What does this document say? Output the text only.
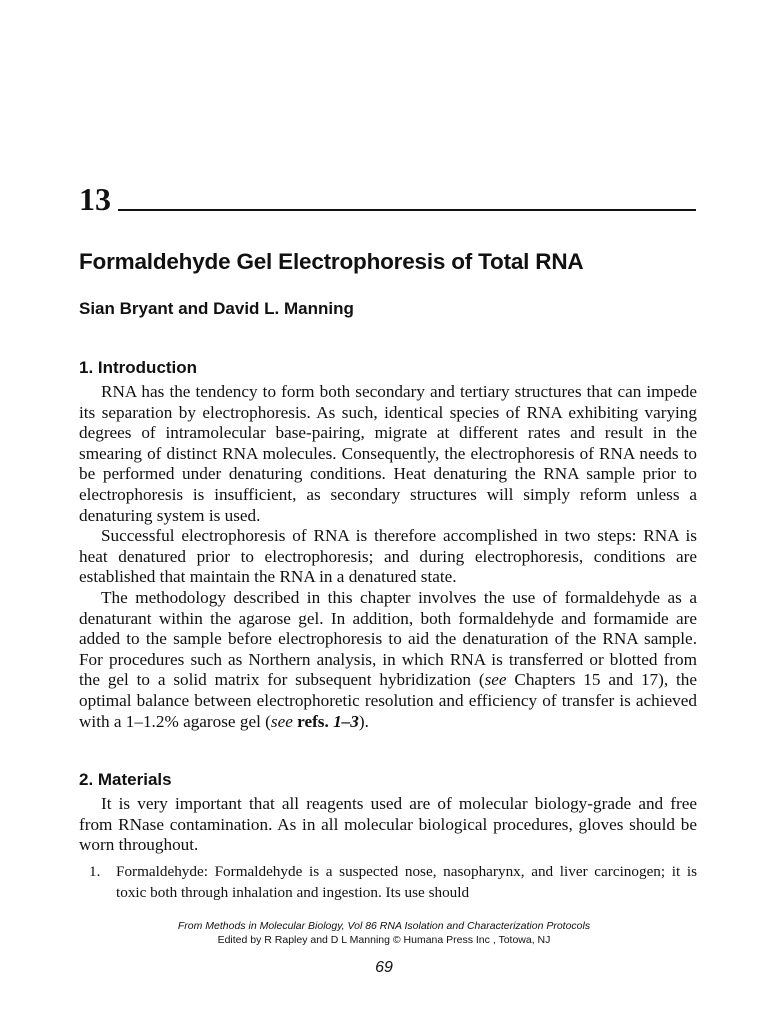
13
Formaldehyde Gel Electrophoresis of Total RNA
Sian Bryant and David L. Manning
1. Introduction

RNA has the tendency to form both secondary and tertiary structures that can impede its separation by electrophoresis. As such, identical species of RNA exhibiting varying degrees of intramolecular base-pairing, migrate at different rates and result in the smearing of distinct RNA molecules. Consequently, the electrophoresis of RNA needs to be performed under denaturing conditions. Heat denaturing the RNA sample prior to electrophoresis is insufficient, as secondary structures will simply reform unless a denaturing system is used.

Successful electrophoresis of RNA is therefore accomplished in two steps: RNA is heat denatured prior to electrophoresis; and during electrophoresis, conditions are established that maintain the RNA in a denatured state.

The methodology described in this chapter involves the use of formaldehyde as a denaturant within the agarose gel. In addition, both formaldehyde and formamide are added to the sample before electrophoresis to aid the denaturation of the RNA sample. For procedures such as Northern analysis, in which RNA is transferred or blotted from the gel to a solid matrix for subsequent hybridization (see Chapters 15 and 17), the optimal balance between electrophoretic resolution and efficiency of transfer is achieved with a 1–1.2% agarose gel (see refs. 1–3).

2. Materials

It is very important that all reagents used are of molecular biology-grade and free from RNase contamination. As in all molecular biological procedures, gloves should be worn throughout.

1. Formaldehyde: Formaldehyde is a suspected nose, nasopharynx, and liver carcinogen; it is toxic both through inhalation and ingestion. Its use should
From Methods in Molecular Biology, Vol 86 RNA Isolation and Characterization Protocols
Edited by R Rapley and D L Manning © Humana Press Inc , Totowa, NJ
69
